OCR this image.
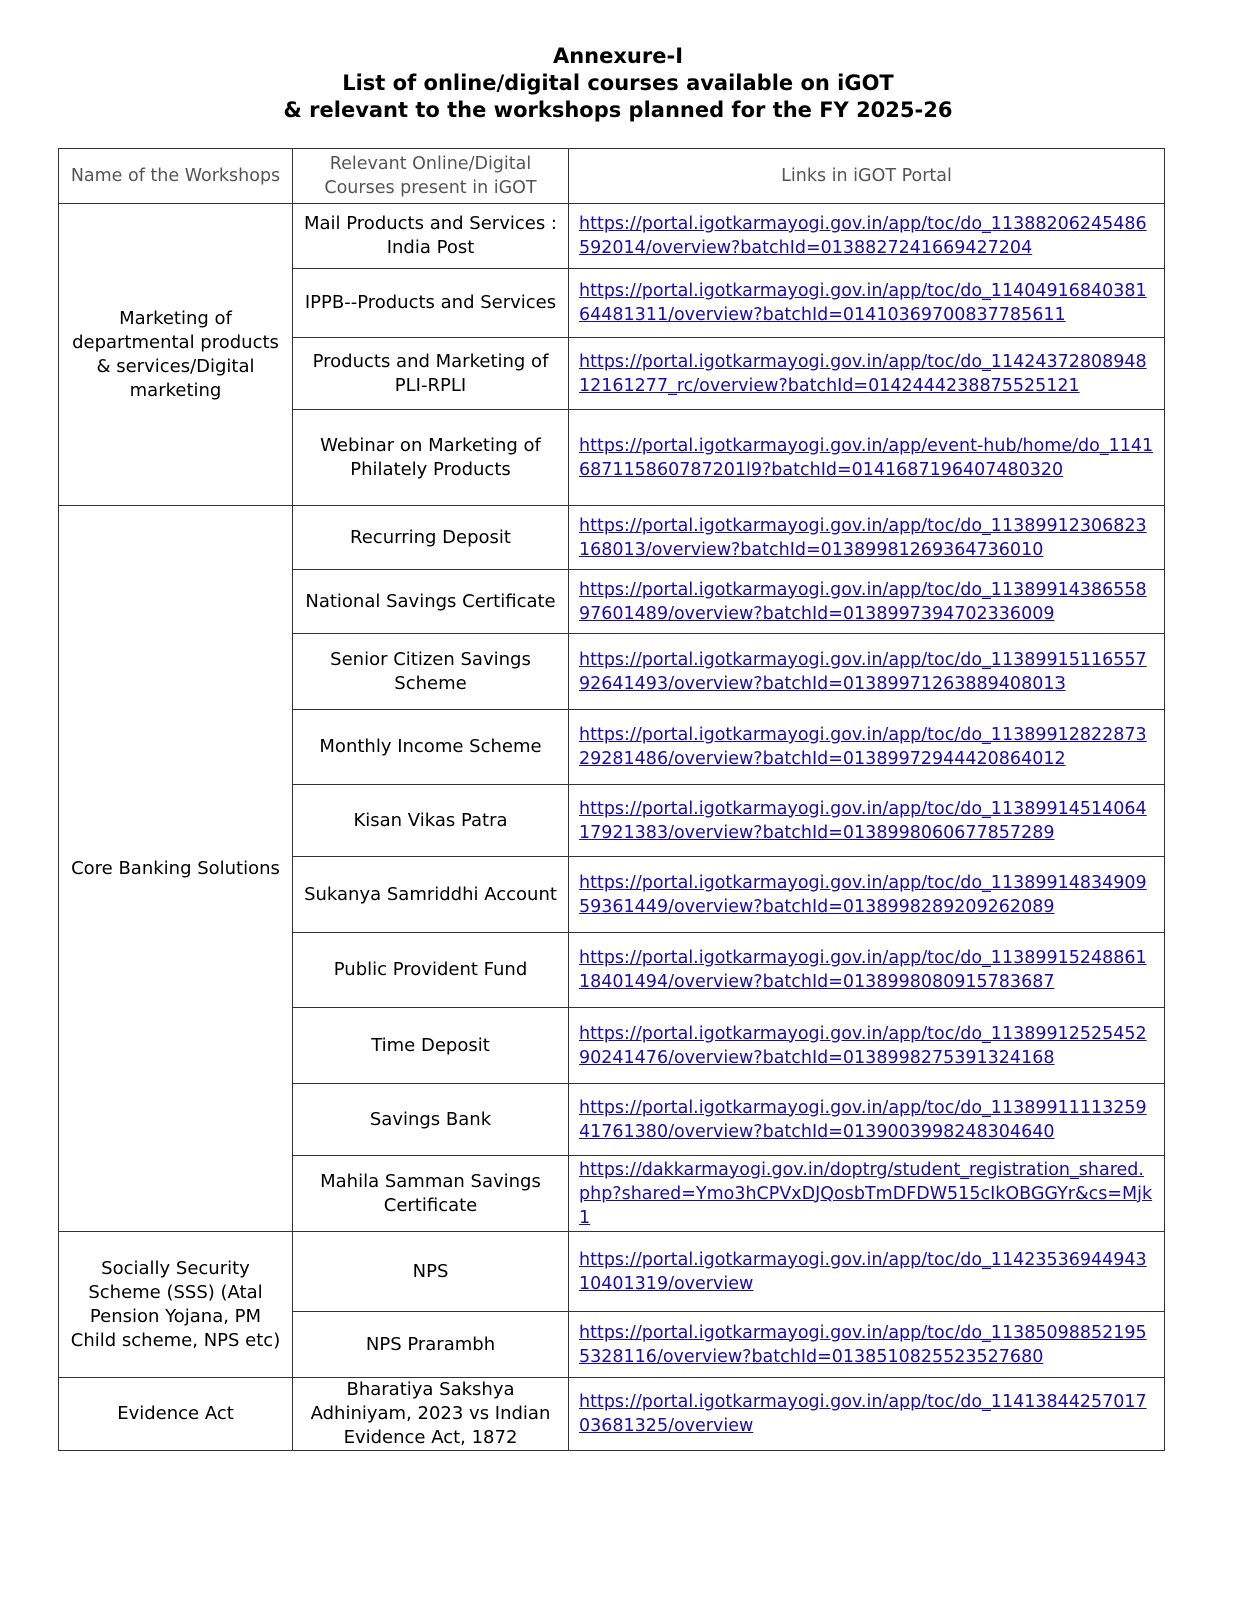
Annexure-I
List of online/digital courses available on iGOT
& relevant to the workshops planned for the FY 2025-26
Name of the Workshops	Relevant Online/Digital Courses present in iGOT	Links in iGOT Portal
Marketing of departmental products & services/Digital marketing	Mail Products and Services : India Post	https://portal.igotkarmayogi.gov.in/app/toc/do_11388206245486592014/overview?batchId=0138827241669427204
	IPPB--Products and Services	https://portal.igotkarmayogi.gov.in/app/toc/do_1140491684038164481311/overview?batchId=01410369700837785611
	Products and Marketing of PLI-RPLI	https://portal.igotkarmayogi.gov.in/app/toc/do_1142437280894812161277_rc/overview?batchId=0142444238875525121
	Webinar on Marketing of Philately Products	https://portal.igotkarmayogi.gov.in/app/event-hub/home/do_1141687115860787201l9?batchId=0141687196407480320
Core Banking Solutions	Recurring Deposit	https://portal.igotkarmayogi.gov.in/app/toc/do_11389912306823168013/overview?batchId=01389981269364736010
	National Savings Certificate	https://portal.igotkarmayogi.gov.in/app/toc/do_1138991438655897601489/overview?batchId=0138997394702336009
	Senior Citizen Savings Scheme	https://portal.igotkarmayogi.gov.in/app/toc/do_1138991511655792641493/overview?batchId=0138997126388940801З
	Monthly Income Scheme	https://portal.igotkarmayogi.gov.in/app/toc/do_1138991282287329281486/overview?batchId=01389972944420864012
	Kisan Vikas Patra	https://portal.igotkarmayogi.gov.in/app/toc/do_1138991451406417921383/overview?batchId=0138998060677857289
	Sukanya Samriddhi Account	https://portal.igotkarmayogi.gov.in/app/toc/do_1138991483490959361449/overview?batchId=0138998289209262089
	Public Provident Fund	https://portal.igotkarmayogi.gov.in/app/toc/do_1138991524886118401494/overview?batchId=0138998080915783687
	Time Deposit	https://portal.igotkarmayogi.gov.in/app/toc/do_1138991252545290241476/overview?batchId=0138998275391324168
	Savings Bank	https://portal.igotkarmayogi.gov.in/app/toc/do_1138991111325941761380/overview?batchId=0139003998248304640
	Mahila Samman Savings Certificate	https://dakkarmayogi.gov.in/doptrg/student_registration_shared.php?shared=Ymo3hCPVxDJQosbTmDFDW515cIkOBGGYr&cs=Mjk1
Socially Security Scheme (SSS) (Atal Pension Yojana, PM Child scheme, NPS etc)	NPS	https://portal.igotkarmayogi.gov.in/app/toc/do_1142353694494310401319/overview
	NPS Prarambh	https://portal.igotkarmayogi.gov.in/app/toc/do_113850988521955328116/overview?batchId=0138510825523527680
Evidence Act	Bharatiya Sakshya Adhiniyam, 2023 vs Indian Evidence Act, 1872	https://portal.igotkarmayogi.gov.in/app/toc/do_1141384425701703681325/overview
